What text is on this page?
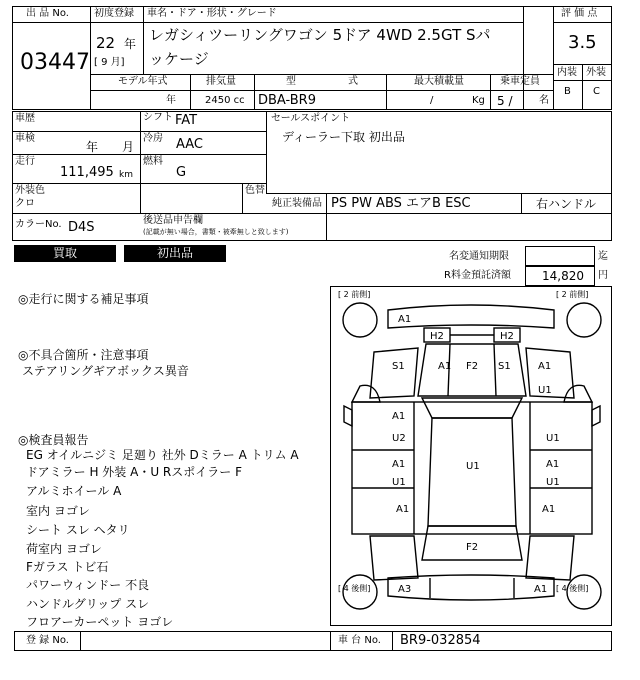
出 品 No.
03447
初度登録
22 年
[ 9 月]
車名・ドア・形状・グレード
レガシィツーリングワゴン 5ドア 4WD 2.5GT Sパ
ッケージ
評 価 点
3.5
内装 外装
B C
モデル年式
年
排気量
2450 cc
型	式
DBA-BR9
最大積載量
/	Kg
乗車定員
5 /	名
車歴	シフト FAT
車検
年 月
冷房 AAC
走行
111,495 km
燃料
G
セールスポイント
ディーラー下取 初出品
外装色
クロ
色替
純正装備品 PS PW ABS エアB ESC	右ハンドル
カラーNo. D4S	後送品申告欄
(記載が無い場合，書類・被牽無しと致します)
買取	初出品	名変通知期限	迄
R料金預託済額	14,820 円
◎走行に関する補足事項
◎不具合箇所・注意事項
ステアリングギアボックス異音
◎検査員報告
EG オイルニジミ 足廻り 社外 Dミラー A トリム A
ドアミラー H 外装 A・U Rスポイラー F
アルミホイール A
室内 ヨゴレ
シート スレ ヘタリ
荷室内 ヨゴレ
Fガラス トビ石
パワーウィンドー 不良
ハンドルグリップ スレ
フロアーカーペット ヨゴレ
[ 2 前側]	[ 2 前側]
[ 4 後側]	[ 4 後側]
A1
H2	H2
S1	A1 F2 S1	A1
U1
A1
U2	U1
A1
U1
U1	A1
U1
A1	A1
F2
A3	A1
登 録 No.	車 台 No. BR9-032854
